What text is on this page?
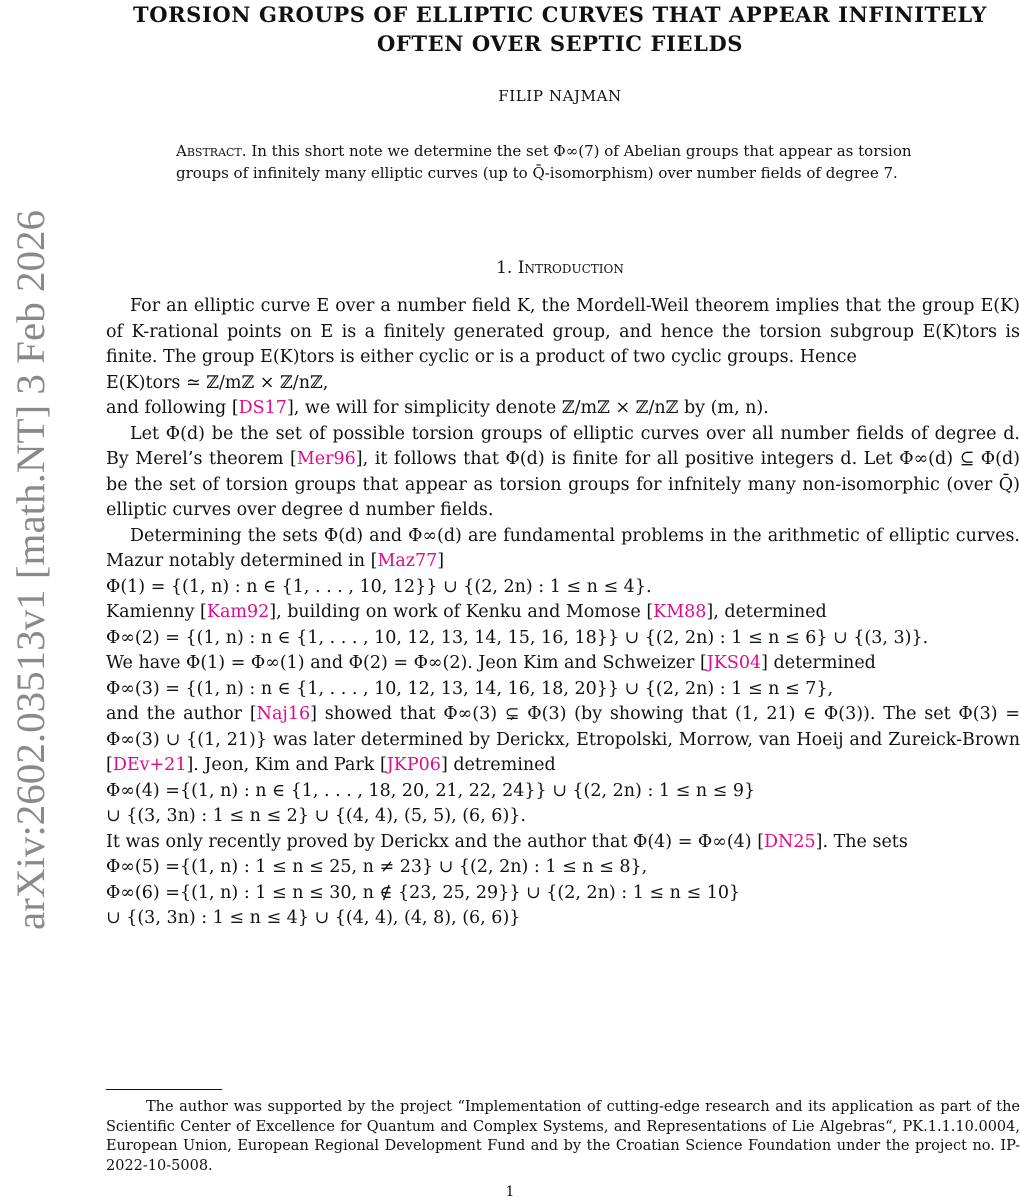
arXiv:2602.03513v1 [math.NT] 3 Feb 2026
TORSION GROUPS OF ELLIPTIC CURVES THAT APPEAR INFINITELY
OFTEN OVER SEPTIC FIELDS
FILIP NAJMAN
Abstract. In this short note we determine the set Φ∞(7) of Abelian groups that appear as torsion groups of infinitely many elliptic curves (up to Q̄-isomorphism) over number fields of degree 7.
1. Introduction

For an elliptic curve E over a number field K, the Mordell-Weil theorem implies that the group E(K) of K-rational points on E is a finitely generated group, and hence the torsion subgroup E(K)tors is finite. The group E(K)tors is either cyclic or is a product of two cyclic groups. Hence

E(K)tors ≃ ℤ/mℤ × ℤ/nℤ,

and following [DS17], we will for simplicity denote ℤ/mℤ × ℤ/nℤ by (m, n).

Let Φ(d) be the set of possible torsion groups of elliptic curves over all number fields of degree d. By Merel’s theorem [Mer96], it follows that Φ(d) is finite for all positive integers d. Let Φ∞(d) ⊆ Φ(d) be the set of torsion groups that appear as torsion groups for infnitely many non-isomorphic (over Q̄) elliptic curves over degree d number fields.

Determining the sets Φ(d) and Φ∞(d) are fundamental problems in the arithmetic of elliptic curves. Mazur notably determined in [Maz77]

Φ(1) = {(1, n) : n ∈ {1, . . . , 10, 12}} ∪ {(2, 2n) : 1 ≤ n ≤ 4}.

Kamienny [Kam92], building on work of Kenku and Momose [KM88], determined

Φ∞(2) = {(1, n) : n ∈ {1, . . . , 10, 12, 13, 14, 15, 16, 18}} ∪ {(2, 2n) : 1 ≤ n ≤ 6} ∪ {(3, 3)}.

We have Φ(1) = Φ∞(1) and Φ(2) = Φ∞(2). Jeon Kim and Schweizer [JKS04] determined

Φ∞(3) = {(1, n) : n ∈ {1, . . . , 10, 12, 13, 14, 16, 18, 20}} ∪ {(2, 2n) : 1 ≤ n ≤ 7},

and the author [Naj16] showed that Φ∞(3) ⊊ Φ(3) (by showing that (1, 21) ∈ Φ(3)). The set Φ(3) = Φ∞(3) ∪ {(1, 21)} was later determined by Derickx, Etropolski, Morrow, van Hoeij and Zureick-Brown [DEv+21]. Jeon, Kim and Park [JKP06] detremined

Φ∞(4) ={(1, n) : n ∈ {1, . . . , 18, 20, 21, 22, 24}} ∪ {(2, 2n) : 1 ≤ n ≤ 9}

∪ {(3, 3n) : 1 ≤ n ≤ 2} ∪ {(4, 4), (5, 5), (6, 6)}.

It was only recently proved by Derickx and the author that Φ(4) = Φ∞(4) [DN25]. The sets

Φ∞(5) ={(1, n) : 1 ≤ n ≤ 25, n ≠ 23} ∪ {(2, 2n) : 1 ≤ n ≤ 8},

Φ∞(6) ={(1, n) : 1 ≤ n ≤ 30, n ∉ {23, 25, 29}} ∪ {(2, 2n) : 1 ≤ n ≤ 10}

∪ {(3, 3n) : 1 ≤ n ≤ 4} ∪ {(4, 4), (4, 8), (6, 6)}

The author was supported by the project “Implementation of cutting-edge research and its application as part of the Scientific Center of Excellence for Quantum and Complex Systems, and Representations of Lie Algebras“, PK.1.1.10.0004, European Union, European Regional Development Fund and by the Croatian Science Foundation under the project no. IP-2022-10-5008.

1
